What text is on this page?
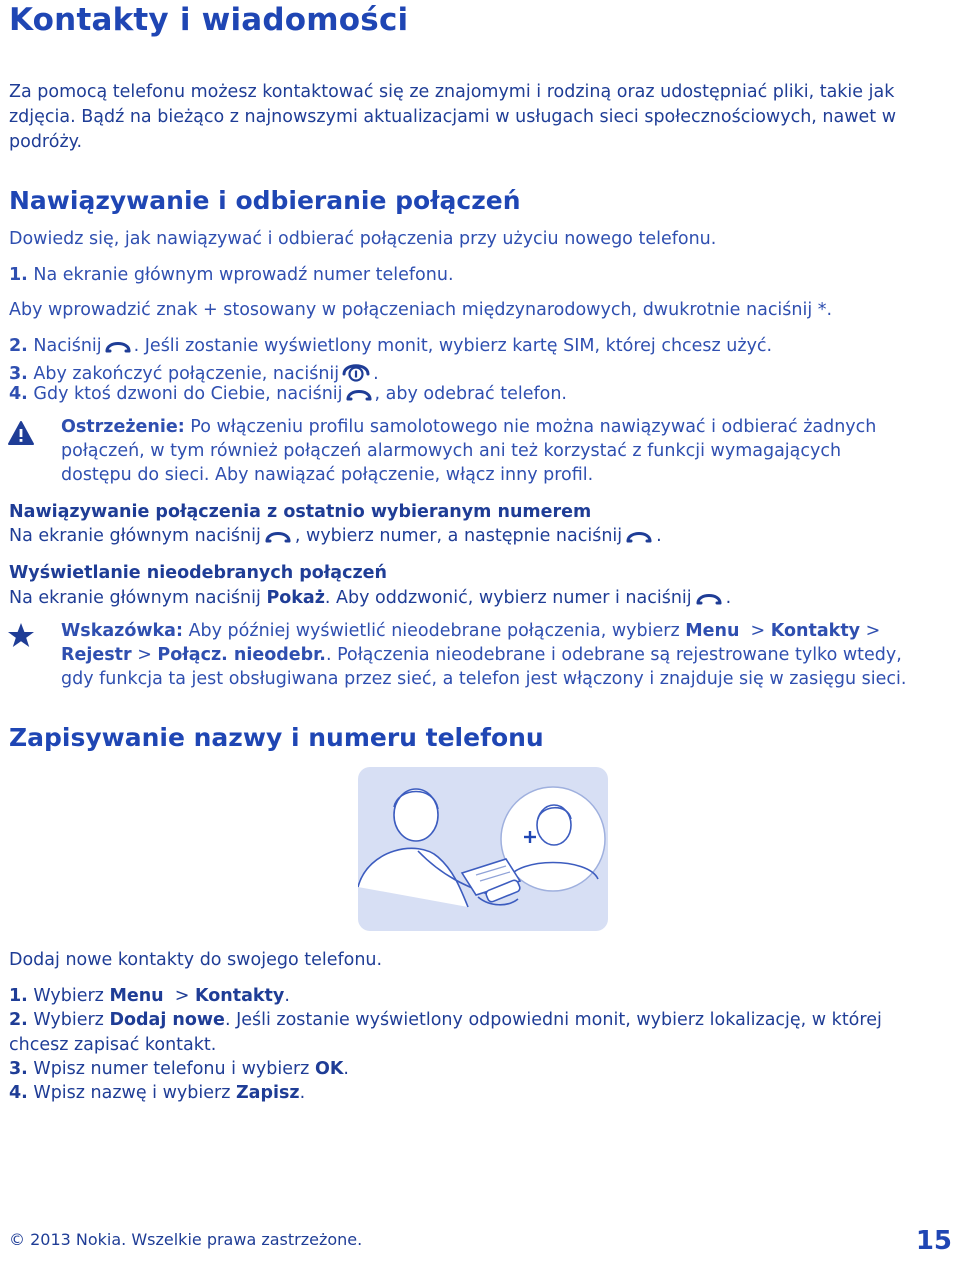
Kontakty i wiadomości
Za pomocą telefonu możesz kontaktować się ze znajomymi i rodziną oraz udostępniać pliki, takie jak
zdjęcia. Bądź na bieżąco z najnowszymi aktualizacjami w usługach sieci społecznościowych, nawet w
podróży.
Nawiązywanie i odbieranie połączeń
Dowiedz się, jak nawiązywać i odbierać połączenia przy użyciu nowego telefonu.
1. Na ekranie głównym wprowadź numer telefonu.
Aby wprowadzić znak + stosowany w połączeniach międzynarodowych, dwukrotnie naciśnij *.
2. Naciśnij . Jeśli zostanie wyświetlony monit, wybierz kartę SIM, której chcesz użyć.
3. Aby zakończyć połączenie, naciśnij .
4. Gdy ktoś dzwoni do Ciebie, naciśnij , aby odebrać telefon.
Ostrzeżenie: Po włączeniu profilu samolotowego nie można nawiązywać i odbierać żadnych
połączeń, w tym również połączeń alarmowych ani też korzystać z funkcji wymagających
dostępu do sieci. Aby nawiązać połączenie, włącz inny profil.
Nawiązywanie połączenia z ostatnio wybieranym numerem
Na ekranie głównym naciśnij , wybierz numer, a następnie naciśnij .
Wyświetlanie nieodebranych połączeń
Na ekranie głównym naciśnij Pokaż. Aby oddzwonić, wybierz numer i naciśnij .
Wskazówka: Aby później wyświetlić nieodebrane połączenia, wybierz Menu  > Kontakty >
Rejestr > Połącz. nieodebr.. Połączenia nieodebrane i odebrane są rejestrowane tylko wtedy,
gdy funkcja ta jest obsługiwana przez sieć, a telefon jest włączony i znajduje się w zasięgu sieci.
Zapisywanie nazwy i numeru telefonu
Dodaj nowe kontakty do swojego telefonu.
1. Wybierz Menu  > Kontakty.
2. Wybierz Dodaj nowe. Jeśli zostanie wyświetlony odpowiedni monit, wybierz lokalizację, w której
chcesz zapisać kontakt.
3. Wpisz numer telefonu i wybierz OK.
4. Wpisz nazwę i wybierz Zapisz.
© 2013 Nokia. Wszelkie prawa zastrzeżone.	15
